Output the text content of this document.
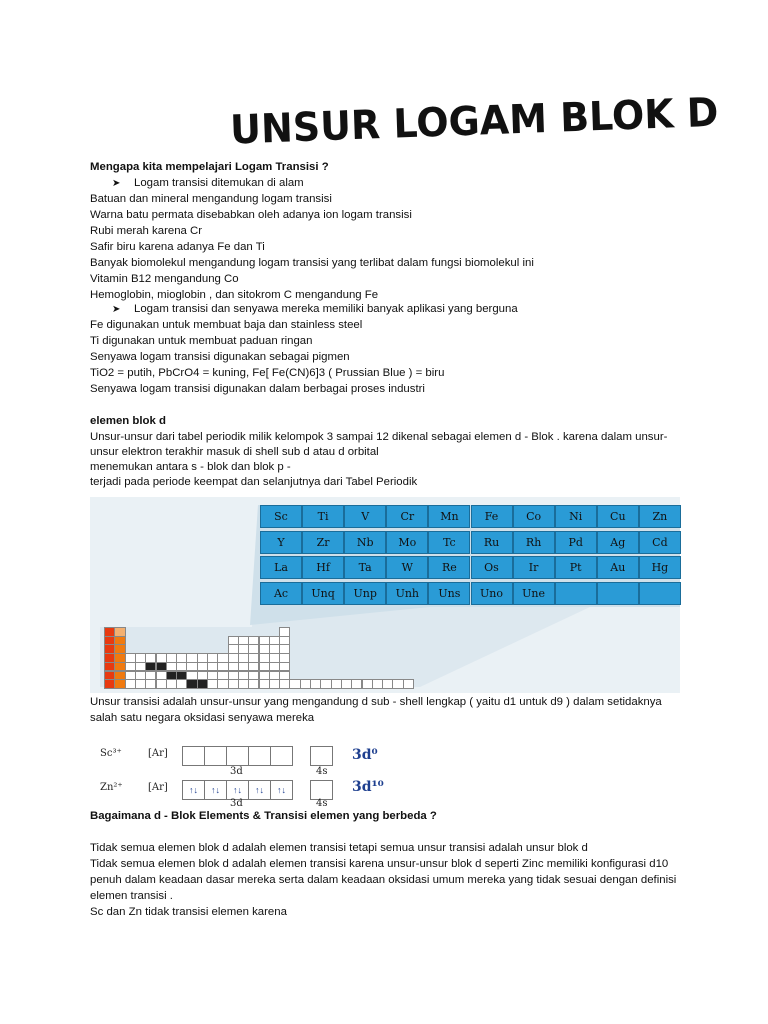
UNSUR LOGAM BLOK D
Mengapa kita mempelajari Logam Transisi ?
➤ Logam transisi ditemukan di alam
Batuan dan mineral mengandung logam transisi
Warna batu permata disebabkan oleh adanya ion logam transisi
Rubi merah karena Cr
Safir biru karena adanya Fe dan Ti
Banyak biomolekul mengandung logam transisi yang terlibat dalam fungsi biomolekul ini
Vitamin B12 mengandung Co
Hemoglobin, mioglobin , dan sitokrom C mengandung Fe
➤ Logam transisi dan senyawa mereka memiliki banyak aplikasi yang berguna
Fe digunakan untuk membuat baja dan stainless steel
Ti digunakan untuk membuat paduan ringan
Senyawa logam transisi digunakan sebagai pigmen
TiO2 = putih, PbCrO4 = kuning, Fe[ Fe(CN)6]3 ( Prussian Blue ) = biru
Senyawa logam transisi digunakan dalam berbagai proses industri
elemen blok d
Unsur-unsur dari tabel periodik milik kelompok 3 sampai 12 dikenal sebagai elemen d - Blok . karena dalam unsur-
unsur elektron terakhir masuk di shell sub d atau d orbital
menemukan antara s - blok dan blok p -
terjadi pada periode keempat dan selanjutnya dari Tabel Periodik
Sc	Ti	V	Cr	Mn	Fe	Co	Ni	Cu	Zn
Y	Zr	Nb	Mo	Tc	Ru	Rh	Pd	Ag	Cd
La	Hf	Ta	W	Re	Os	Ir	Pt	Au	Hg
Ac	Unq	Unp	Unh	Uns	Uno	Une
Unsur transisi adalah unsur-unsur yang mengandung d sub - shell lengkap ( yaitu d1 untuk d9 ) dalam setidaknya
salah satu negara oksidasi senyawa mereka
Sc³⁺	[Ar]
3d	4s
3d⁰
Zn²⁺	[Ar]	↑↓	↑↓	↑↓	↑↓	↑↓
3d	4s
3d¹⁰
Bagaimana d - Blok Elements & Transisi elemen yang berbeda ?
Tidak semua elemen blok d adalah elemen transisi tetapi semua unsur transisi adalah unsur blok d
Tidak semua elemen blok d adalah elemen transisi karena unsur-unsur blok d seperti Zinc memiliki konfigurasi d10
penuh dalam keadaan dasar mereka serta dalam keadaan oksidasi umum mereka yang tidak sesuai dengan definisi
elemen transisi .
Sc dan Zn tidak transisi elemen karena
